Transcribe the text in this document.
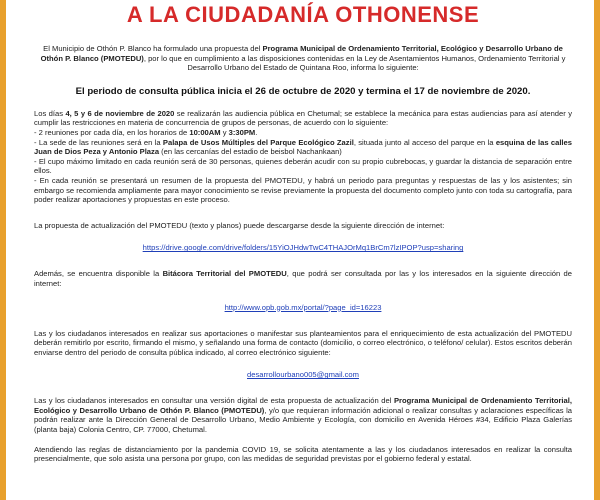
A LA CIUDADANÍA OTHONENSE
El Municipio de Othón P. Blanco ha formulado una propuesta del Programa Municipal de Ordenamiento Territorial, Ecológico y Desarrollo Urbano de Othón P. Blanco (PMOTEDU), por lo que en cumplimiento a las disposiciones contenidas en la Ley de Asentamientos Humanos, Ordenamiento Territorial y Desarrollo Urbano del Estado de Quintana Roo, informa lo siguiente:
El periodo de consulta pública inicia el 26 de octubre de 2020 y termina el 17 de noviembre de 2020.
Los días 4, 5 y 6 de noviembre de 2020 se realizarán las audiencia pública en Chetumal; se establece la mecánica para estas audiencias para así atender y cumplir las restricciones en materia de concurrencia de grupos de personas, de acuerdo con lo siguiente:
- 2 reuniones por cada día, en los horarios de 10:00AM y 3:30PM.
- La sede de las reuniones será en la Palapa de Usos Múltiples del Parque Ecológico Zazil, situada junto al acceso del parque en la esquina de las calles Juan de Dios Peza y Antonio Plaza (en las cercanías del estadio de beisbol Nachankaan)
- El cupo máximo limitado en cada reunión será de 30 personas, quienes deberán acudir con su propio cubrebocas, y guardar la distancia de separación entre ellos.
- En cada reunión se presentará un resumen de la propuesta del PMOTEDU, y habrá un periodo para preguntas y respuestas de las y los asistentes; sin embargo se recomienda ampliamente para mayor conocimiento se revise previamente la propuesta del documento completo junto con toda su cartografía, para poder realizar aportaciones y propuestas en este proceso.
La propuesta de actualización del PMOTEDU (texto y planos) puede descargarse desde la siguiente dirección de internet:
https://drive.google.com/drive/folders/15YiOJHdwTwC4THAJOrMq1BrCm7lzIPOP?usp=sharing
Además, se encuentra disponible la Bitácora Territorial del PMOTEDU, que podrá ser consultada por las y los interesados en la siguiente dirección de internet:
http://www.opb.gob.mx/portal/?page_id=16223
Las y los ciudadanos interesados en realizar sus aportaciones o manifestar sus planteamientos para el enriquecimiento de esta actualización del PMOTEDU deberán remitirlo por escrito, firmando el mismo, y señalando una forma de contacto (domicilio, o correo electrónico, o teléfono/ celular). Estos escritos deberán enviarse dentro del periodo de consulta pública indicado, al correo electrónico siguiente:
desarrollourbano005@gmail.com
Las y los ciudadanos interesados en consultar una versión digital de esta propuesta de actualización del Programa Municipal de Ordenamiento Territorial, Ecológico y Desarrollo Urbano de Othón P. Blanco (PMOTEDU), y/o que requieran información adicional o realizar consultas y aclaraciones específicas la podrán realizar ante la Dirección General de Desarrollo Urbano, Medio Ambiente y Ecología, con domicilio en Avenida Héroes #34, Edificio Plaza Galerías (planta baja) Colonia Centro, CP. 77000, Chetumal.
Atendiendo las reglas de distanciamiento por la pandemia COVID 19, se solicita atentamente a las y los ciudadanos interesados en realizar la consulta presencialmente, que solo asista una persona por grupo, con las medidas de seguridad previstas por el gobierno federal y estatal.
